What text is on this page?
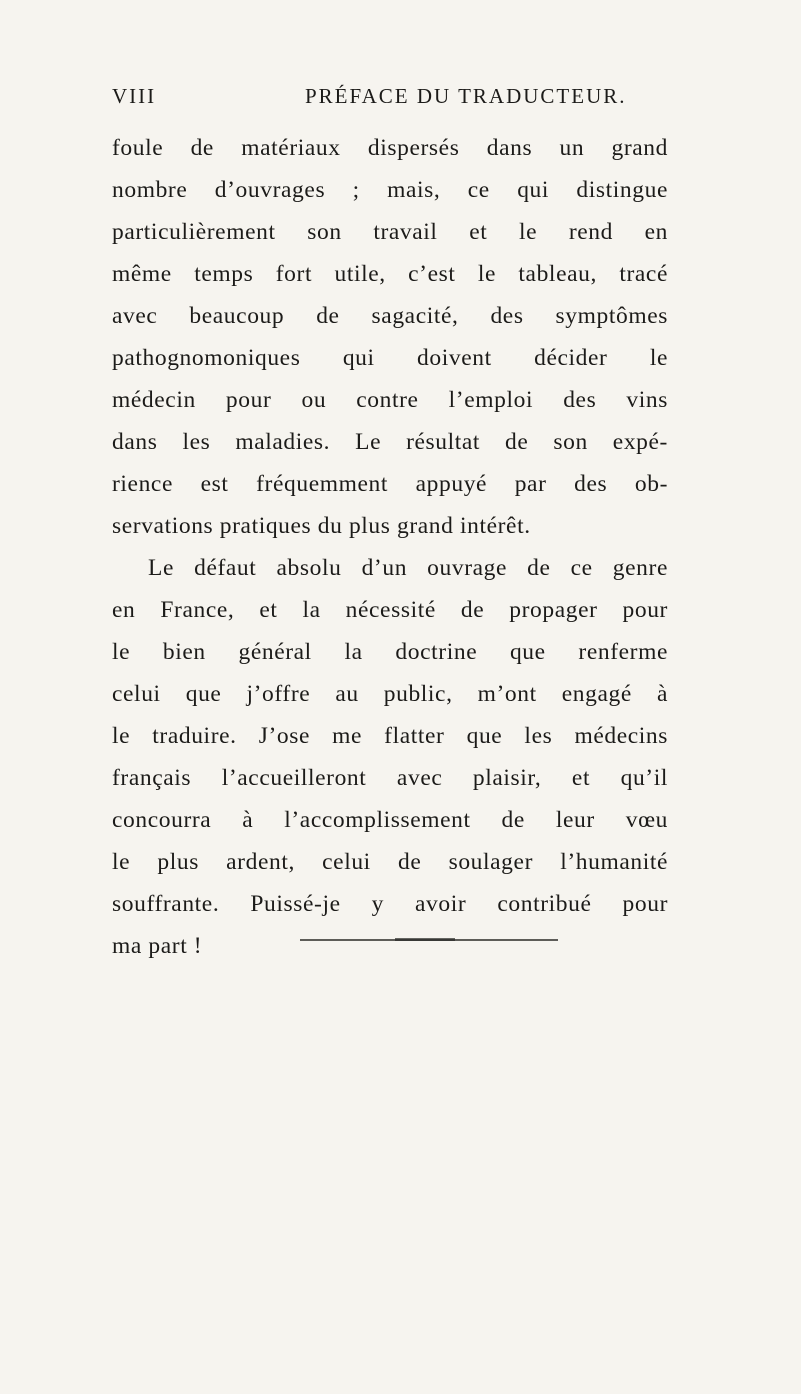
VIII	PRÉFACE DU TRADUCTEUR.
foule de matériaux dispersés dans un grand
nombre d’ouvrages ; mais, ce qui distingue
particulièrement son travail et le rend en
même temps fort utile, c’est le tableau, tracé
avec beaucoup de sagacité, des symptômes
pathognomoniques qui doivent décider le
médecin pour ou contre l’emploi des vins
dans les maladies. Le résultat de son expé-
rience est fréquemment appuyé par des ob-
servations pratiques du plus grand intérêt.
Le défaut absolu d’un ouvrage de ce genre
en France, et la nécessité de propager pour
le bien général la doctrine que renferme
celui que j’offre au public, m’ont engagé à
le traduire. J’ose me flatter que les médecins
français l’accueilleront avec plaisir, et qu’il
concourra à l’accomplissement de leur vœu
le plus ardent, celui de soulager l’humanité
souffrante. Puissé-je y avoir contribué pour
ma part !
